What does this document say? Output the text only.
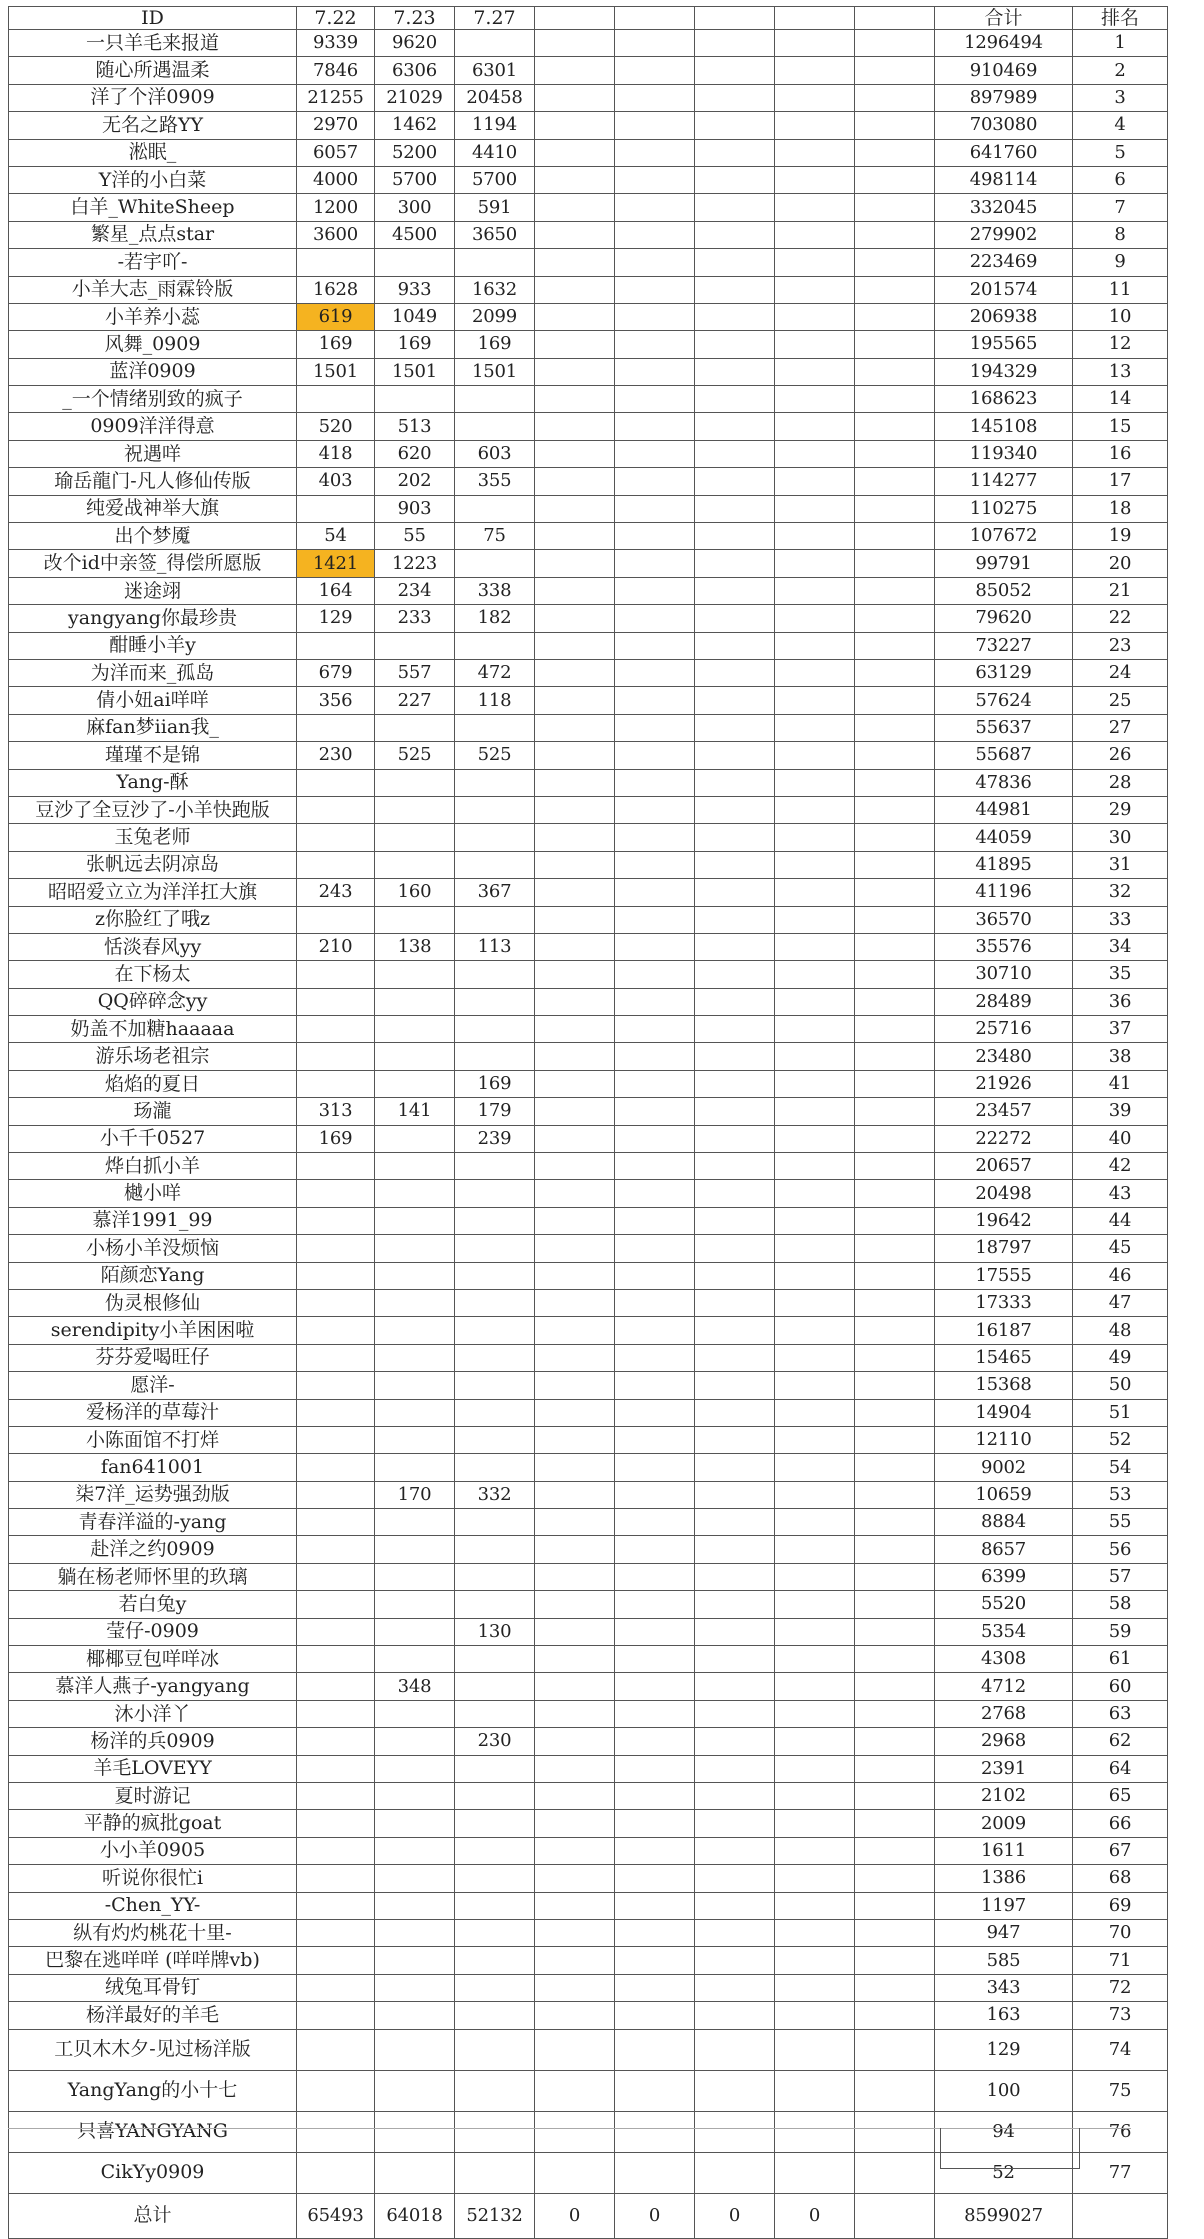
ID	7.22	7.23	7.27						合计	排名
一只羊毛来报道	9339	9620							1296494	1
随心所遇温柔	7846	6306	6301						910469	2
洋了个洋0909	21255	21029	20458						897989	3
无名之路YY	2970	1462	1194						703080	4
淞眠_	6057	5200	4410						641760	5
Y洋的小白菜	4000	5700	5700						498114	6
白羊_WhiteSheep	1200	300	591						332045	7
繁星_点点star	3600	4500	3650						279902	8
-若宇吖-									223469	9
小羊大志_雨霖铃版	1628	933	1632						201574	11
小羊养小蕊	619	1049	2099						206938	10
风舞_0909	169	169	169						195565	12
蓝洋0909	1501	1501	1501						194329	13
_一个情绪别致的疯子									168623	14
0909洋洋得意	520	513							145108	15
祝遇咩	418	620	603						119340	16
瑜岳龍门-凡人修仙传版	403	202	355						114277	17
纯爱战神举大旗		903							110275	18
出个梦魇	54	55	75						107672	19
改个id中亲签_得偿所愿版	1421	1223							99791	20
迷途翊	164	234	338						85052	21
yangyang你最珍贵	129	233	182						79620	22
酣睡小羊y									73227	23
为洋而来_孤岛	679	557	472						63129	24
倩小妞ai咩咩	356	227	118						57624	25
麻fan梦iian我_									55637	27
瑾瑾不是锦	230	525	525						55687	26
Yang-酥									47836	28
豆沙了全豆沙了-小羊快跑版									44981	29
玉兔老师									44059	30
张帆远去阴凉岛									41895	31
昭昭爱立立为洋洋扛大旗	243	160	367						41196	32
z你脸红了哦z									36570	33
恬淡春风yy	210	138	113						35576	34
在下杨太									30710	35
QQ碎碎念yy									28489	36
奶盖不加糖haaaaa									25716	37
游乐场老祖宗									23480	38
焰焰的夏日			169						21926	41
玚瀧	313	141	179						23457	39
小千千0527	169		239						22272	40
烨白抓小羊									20657	42
樾小咩									20498	43
慕洋1991_99									19642	44
小杨小羊没烦恼									18797	45
陌颜恋Yang									17555	46
伪灵根修仙									17333	47
serendipity小羊困困啦									16187	48
芬芬爱喝旺仔									15465	49
愿洋-									15368	50
爱杨洋的草莓汁									14904	51
小陈面馆不打烊									12110	52
fan641001									9002	54
柒7洋_运势强劲版		170	332						10659	53
青春洋溢的-yang									8884	55
赴洋之约0909									8657	56
躺在杨老师怀里的玖璃									6399	57
若白兔y									5520	58
莹仔-0909			130						5354	59
椰椰豆包咩咩冰									4308	61
慕洋人燕子-yangyang		348							4712	60
沐小洋丫									2768	63
杨洋的兵0909			230						2968	62
羊毛LOVEYY									2391	64
夏时游记									2102	65
平静的疯批goat									2009	66
小小羊0905									1611	67
听说你很忙i									1386	68
-Chen_YY-									1197	69
纵有灼灼桃花十里-									947	70
巴黎在逃咩咩 (咩咩牌vb)									585	71
绒兔耳骨钉									343	72
杨洋最好的羊毛									163	73
工贝木木夕-见过杨洋版									129	74
YangYang的小十七									100	75
只喜YANGYANG									94	76
CikYy0909									52	77
总计	65493	64018	52132	0	0	0	0		8599027	
